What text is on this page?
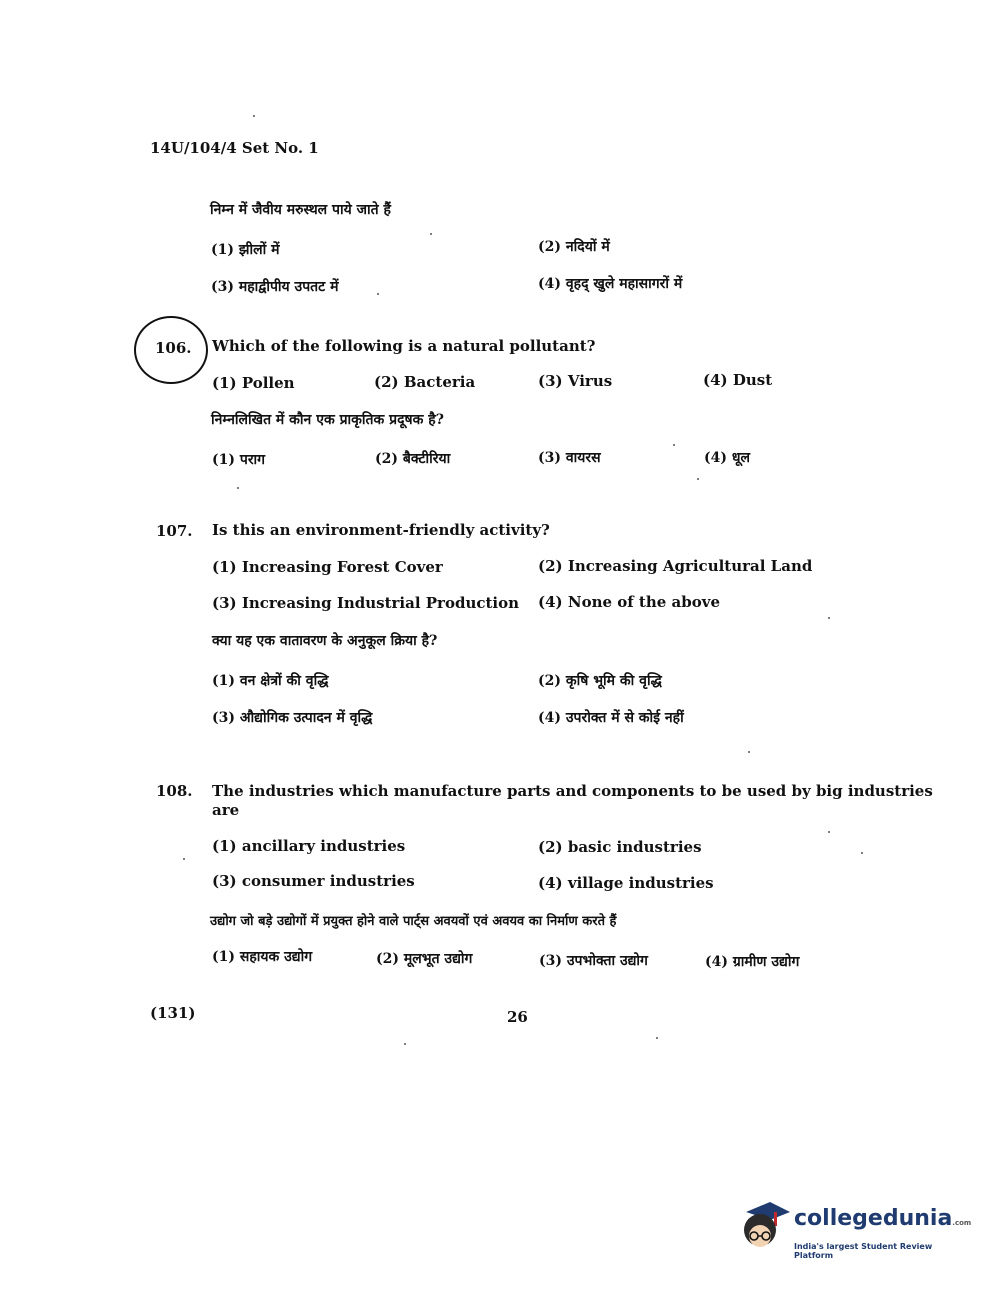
14U/104/4 Set No. 1
निम्न में जैवीय मरुस्थल पाये जाते हैं
(1) झीलों में	(2) नदियों में
(3) महाद्वीपीय उपतट में	(4) वृहद् खुले महासागरों में
106. Which of the following is a natural pollutant?
(1) Pollen	(2) Bacteria	(3) Virus	(4) Dust
निम्नलिखित में कौन एक प्राकृतिक प्रदूषक है?
(1) पराग	(2) बैक्टीरिया	(3) वायरस	(4) धूल
107. Is this an environment-friendly activity?
(1) Increasing Forest Cover	(2) Increasing Agricultural Land
(3) Increasing Industrial Production (4) None of the above
क्या यह एक वातावरण के अनुकूल क्रिया है?
(1) वन क्षेत्रों की वृद्धि	(2) कृषि भूमि की वृद्धि
(3) औद्योगिक उत्पादन में वृद्धि	(4) उपरोक्त में से कोई नहीं
108. The industries which manufacture parts and components to be used by big industries
are
(1) ancillary industries	(2) basic industries
(3) consumer industries	(4) village industries
उद्योग जो बड़े उद्योगों में प्रयुक्त होने वाले पार्ट्स अवयवों एवं अवयव का निर्माण करते हैं
(1) सहायक उद्योग	(2) मूलभूत उद्योग	(3) उपभोक्ता उद्योग	(4) ग्रामीण उद्योग
(131)	26
collegedunia.com
India's largest Student Review Platform
